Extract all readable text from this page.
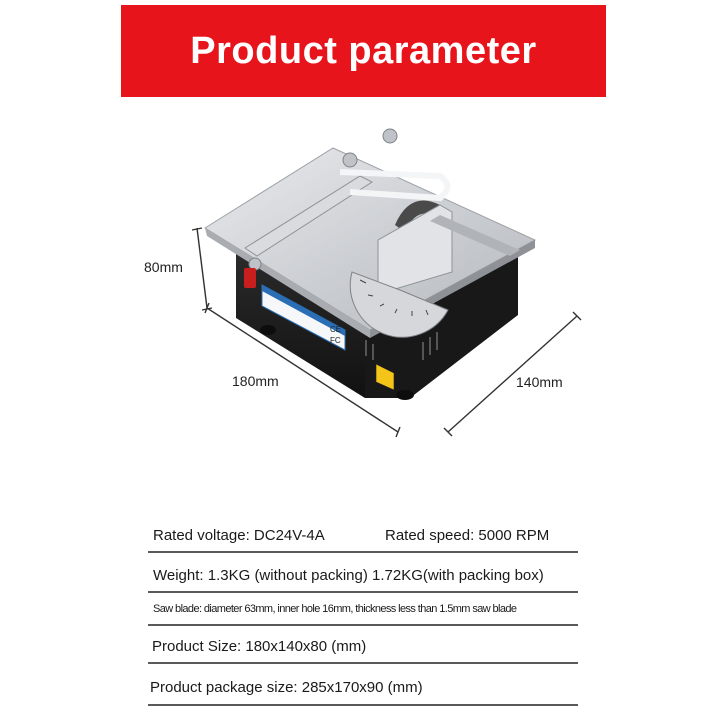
Product parameter
CE
FC
80mm
180mm	140mm
Rated voltage: DC24V-4A	Rated speed: 5000 RPM
Weight: 1.3KG (without packing) 1.72KG(with packing box)
Saw blade: diameter 63mm, inner hole 16mm, thickness less than 1.5mm saw blade
Product Size: 180x140x80 (mm)
Product package size: 285x170x90 (mm)
